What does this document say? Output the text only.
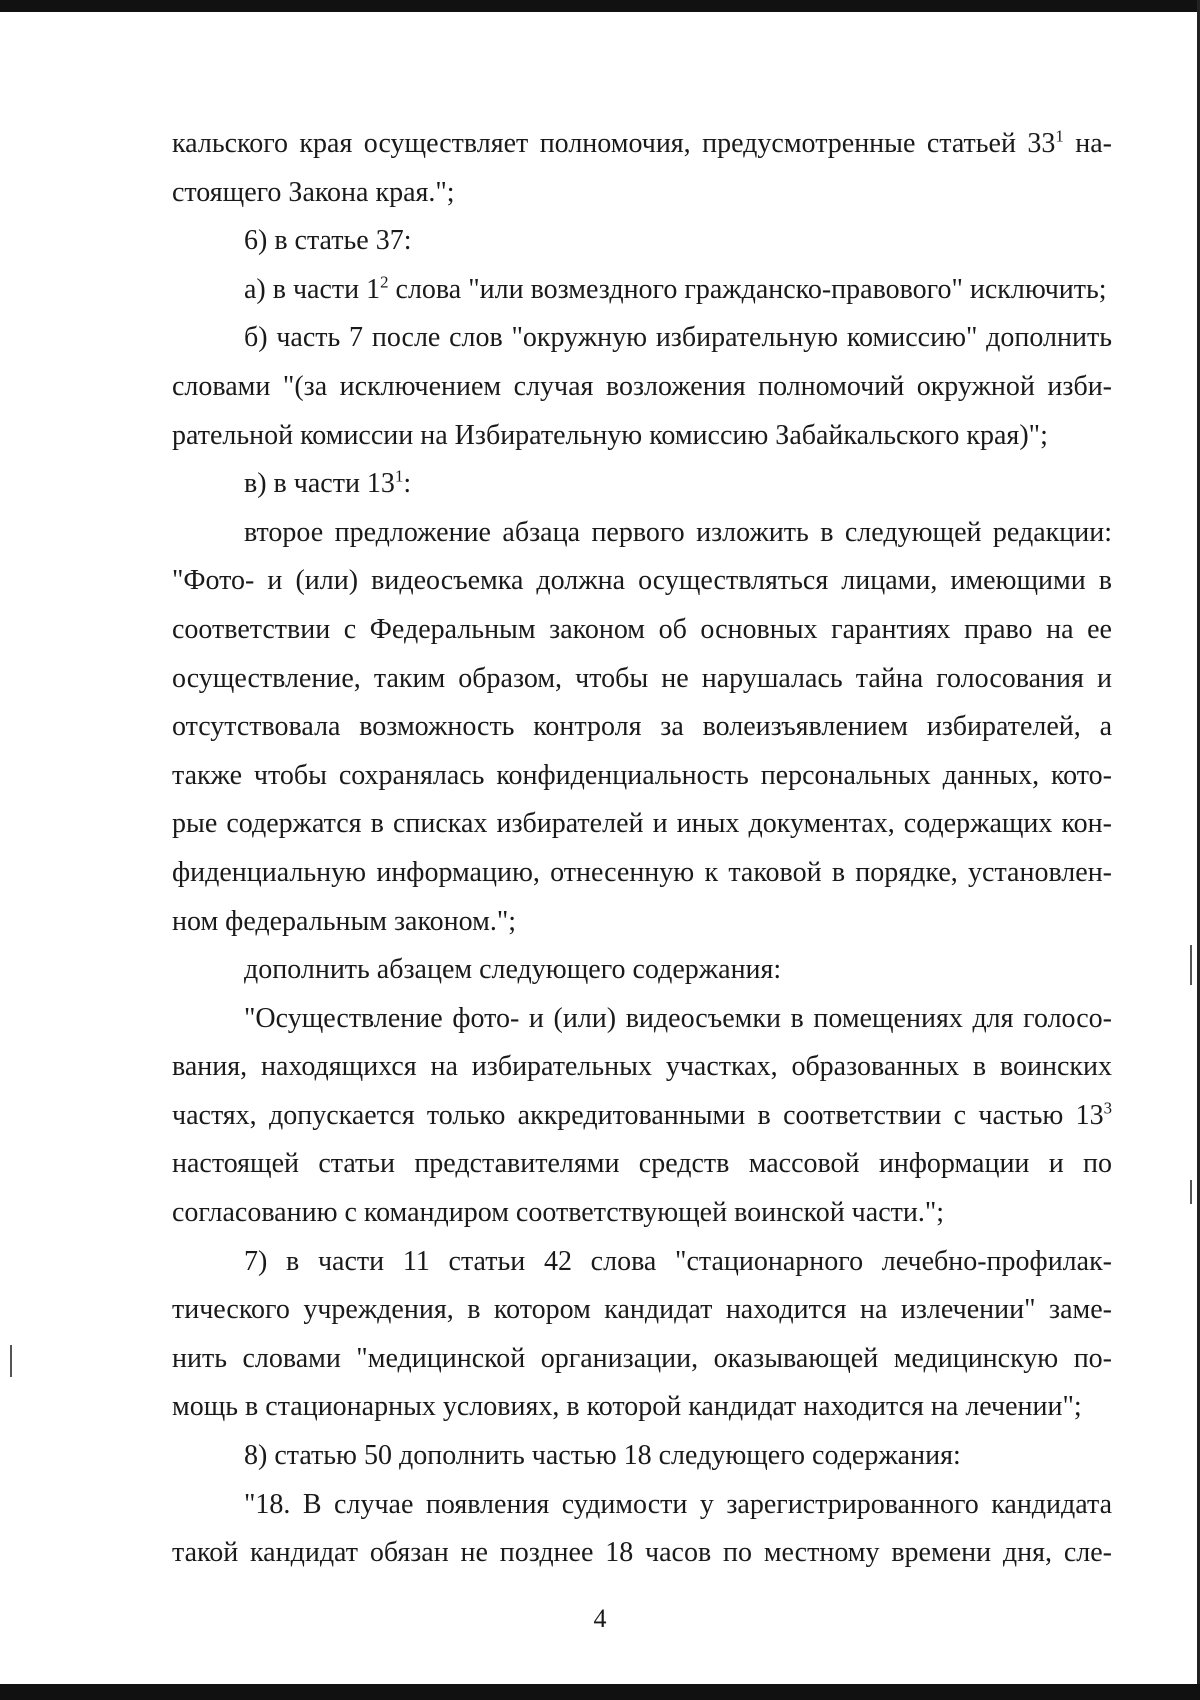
кальского края осуществляет полномочия, предусмотренные статьей $33^1$ на-

стоящего Закона края.";

6) в статье 37:

а) в части $1^2$ слова "или возмездного гражданско-правового" исключить;

б) часть 7 после слов "окружную избирательную комиссию" дополнить

словами "(за исключением случая возложения полномочий окружной изби-

рательной комиссии на Избирательную комиссию Забайкальского края)";

в) в части $13^1$:

второе предложение абзаца первого изложить в следующей редакции:

"Фото- и (или) видеосъемка должна осуществляться лицами, имеющими в

соответствии с Федеральным законом об основных гарантиях право на ее

осуществление, таким образом, чтобы не нарушалась тайна голосования и

отсутствовала возможность контроля за волеизъявлением избирателей, а

также чтобы сохранялась конфиденциальность персональных данных, кото-

рые содержатся в списках избирателей и иных документах, содержащих кон-

фиденциальную информацию, отнесенную к таковой в порядке, установлен-

ном федеральным законом.";

дополнить абзацем следующего содержания:

"Осуществление фото- и (или) видеосъемки в помещениях для голосо-

вания, находящихся на избирательных участках, образованных в воинских

частях, допускается только аккредитованными в соответствии с частью $13^3$

настоящей статьи представителями средств массовой информации и по

согласованию с командиром соответствующей воинской части.";

7) в части 11 статьи 42 слова "стационарного лечебно-профилак-

тического учреждения, в котором кандидат находится на излечении" заме-

нить словами "медицинской организации, оказывающей медицинскую по-

мощь в стационарных условиях, в которой кандидат находится на лечении";

8) статью 50 дополнить частью 18 следующего содержания:

"18. В случае появления судимости у зарегистрированного кандидата

такой кандидат обязан не позднее 18 часов по местному времени дня, сле-

4
